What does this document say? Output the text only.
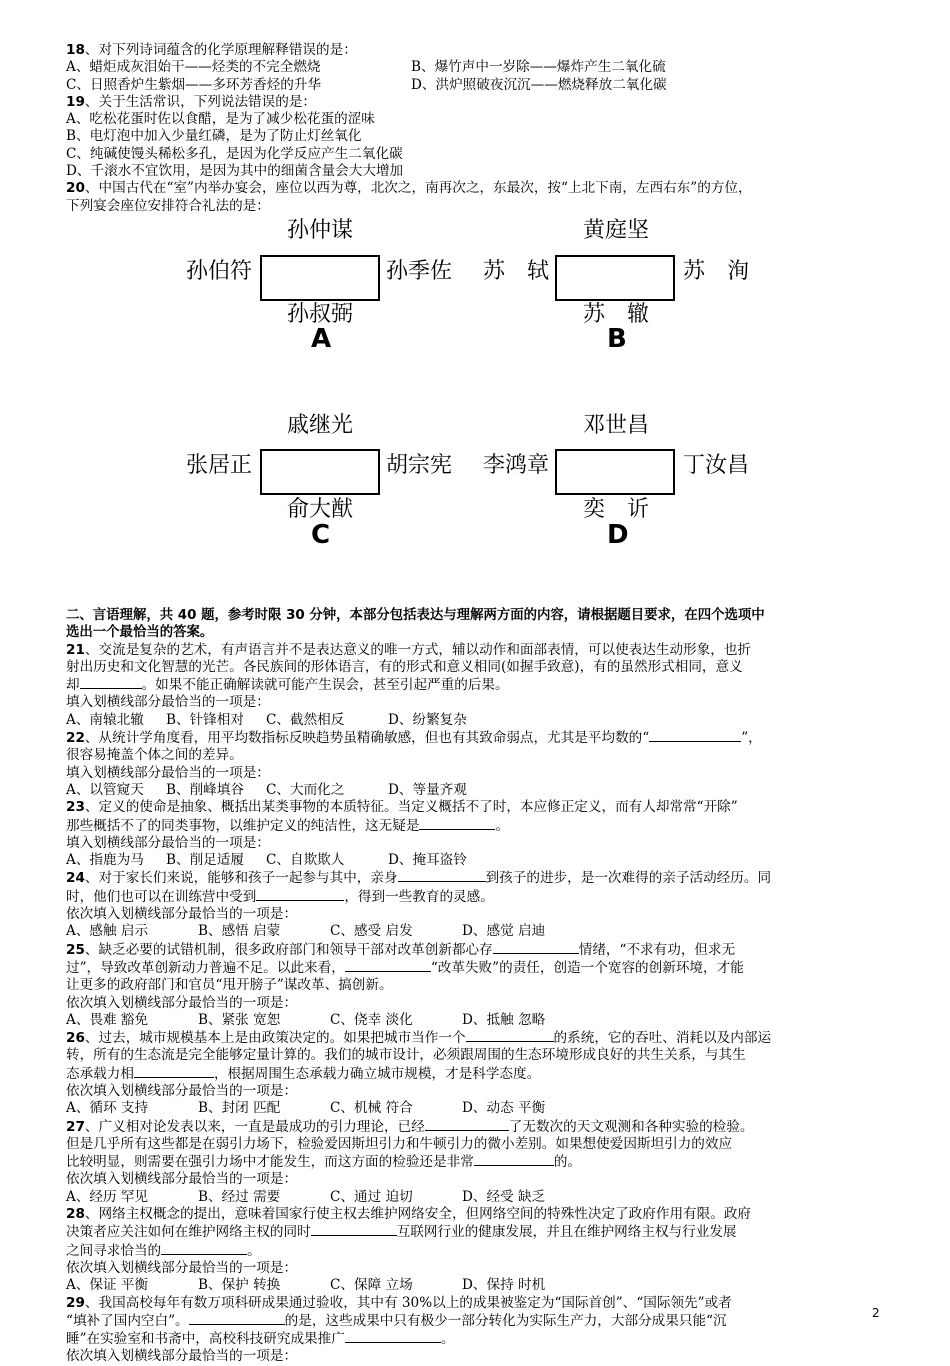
18、对下列诗词蕴含的化学原理解释错误的是：
A、蜡炬成灰泪始干——烃类的不完全燃烧	B、爆竹声中一岁除——爆炸产生二氧化硫
C、日照香炉生紫烟——多环芳香烃的升华	D、洪炉照破夜沉沉——燃烧释放二氧化碳
19、关于生活常识，下列说法错误的是：
A、吃松花蛋时佐以食醋，是为了减少松花蛋的涩味
B、电灯泡中加入少量红磷，是为了防止灯丝氧化
C、纯碱使馒头稀松多孔，是因为化学反应产生二氧化碳
D、千滚水不宜饮用，是因为其中的细菌含量会大大增加
20、中国古代在“室”内举办宴会，座位以西为尊，北次之，南再次之，东最次，按“上北下南，左西右东”的方位，
下列宴会座位安排符合礼法的是：
孙仲谋
孙伯符	孙季佐
孙叔弼
A
黄庭坚
苏　轼	苏　洵
苏　辙
B
戚继光
张居正	胡宗宪
俞大猷
C
邓世昌
李鸿章	丁汝昌
奕　䜣
D
二、言语理解，共 40 题，参考时限 30 分钟，本部分包括表达与理解两方面的内容，请根据题目要求，在四个选项中
选出一个最恰当的答案。
21、交流是复杂的艺术，有声语言并不是表达意义的唯一方式，辅以动作和面部表情，可以使表达生动形象，也折
射出历史和文化智慧的光芒。各民族间的形体语言，有的形式和意义相同(如握手致意)，有的虽然形式相同，意义
却	。如果不能正确解读就可能产生误会，甚至引起严重的后果。
填入划横线部分最恰当的一项是：
A、南辕北辙 B、针锋相对 C、截然相反	D、纷繁复杂
22、从统计学角度看，用平均数指标反映趋势虽精确敏感，但也有其致命弱点，尤其是平均数的“	”，
很容易掩盖个体之间的差异。
填入划横线部分最恰当的一项是：
A、以管窥天 B、削峰填谷 C、大而化之	D、等量齐观
23、定义的使命是抽象、概括出某类事物的本质特征。当定义概括不了时，本应修正定义，而有人却常常“开除”
那些概括不了的同类事物，以维护定义的纯洁性，这无疑是	。
填入划横线部分最恰当的一项是：
A、指鹿为马 B、削足适履 C、自欺欺人	D、掩耳盗铃
24、对于家长们来说，能够和孩子一起参与其中，亲身	到孩子的进步，是一次难得的亲子活动经历。同
时，他们也可以在训练营中受到	，得到一些教育的灵感。
依次填入划横线部分最恰当的一项是：
A、感触 启示	B、感悟 启蒙	C、感受 启发	D、感觉 启迪
25、缺乏必要的试错机制，很多政府部门和领导干部对改革创新都心存	情绪，“不求有功，但求无
过”，导致改革创新动力普遍不足。以此来看，	“改革失败”的责任，创造一个宽容的创新环境，才能
让更多的政府部门和官员“甩开膀子”谋改革、搞创新。
依次填入划横线部分最恰当的一项是：
A、畏难 豁免	B、紧张 宽恕	C、侥幸 淡化	D、抵触 忽略
26、过去，城市规模基本上是由政策决定的。如果把城市当作一个	的系统，它的吞吐、消耗以及内部运
转，所有的生态流是完全能够定量计算的。我们的城市设计，必须跟周围的生态环境形成良好的共生关系，与其生
态承载力相	，根据周围生态承载力确立城市规模，才是科学态度。
依次填入划横线部分最恰当的一项是：
A、循环 支持	B、封闭 匹配	C、机械 符合	D、动态 平衡
27、广义相对论发表以来，一直是最成功的引力理论，已经	了无数次的天文观测和各种实验的检验。
但是几乎所有这些都是在弱引力场下，检验爱因斯坦引力和牛顿引力的微小差别。如果想使爱因斯坦引力的效应
比较明显，则需要在强引力场中才能发生，而这方面的检验还是非常	的。
依次填入划横线部分最恰当的一项是：
A、经历 罕见	B、经过 需要	C、通过 迫切	D、经受 缺乏
28、网络主权概念的提出，意味着国家行使主权去维护网络安全，但网络空间的特殊性决定了政府作用有限。政府
决策者应关注如何在维护网络主权的同时	互联网行业的健康发展，并且在维护网络主权与行业发展
之间寻求恰当的	。
依次填入划横线部分最恰当的一项是：
A、保证 平衡	B、保护 转换	C、保障 立场	D、保持 时机
29、我国高校每年有数万项科研成果通过验收，其中有 30%以上的成果被鉴定为“国际首创”、“国际领先”或者
“填补了国内空白”。	的是，这些成果中只有极少一部分转化为实际生产力，大部分成果只能“沉
睡”在实验室和书斋中，高校科技研究成果推广	。
依次填入划横线部分最恰当的一项是：
2
